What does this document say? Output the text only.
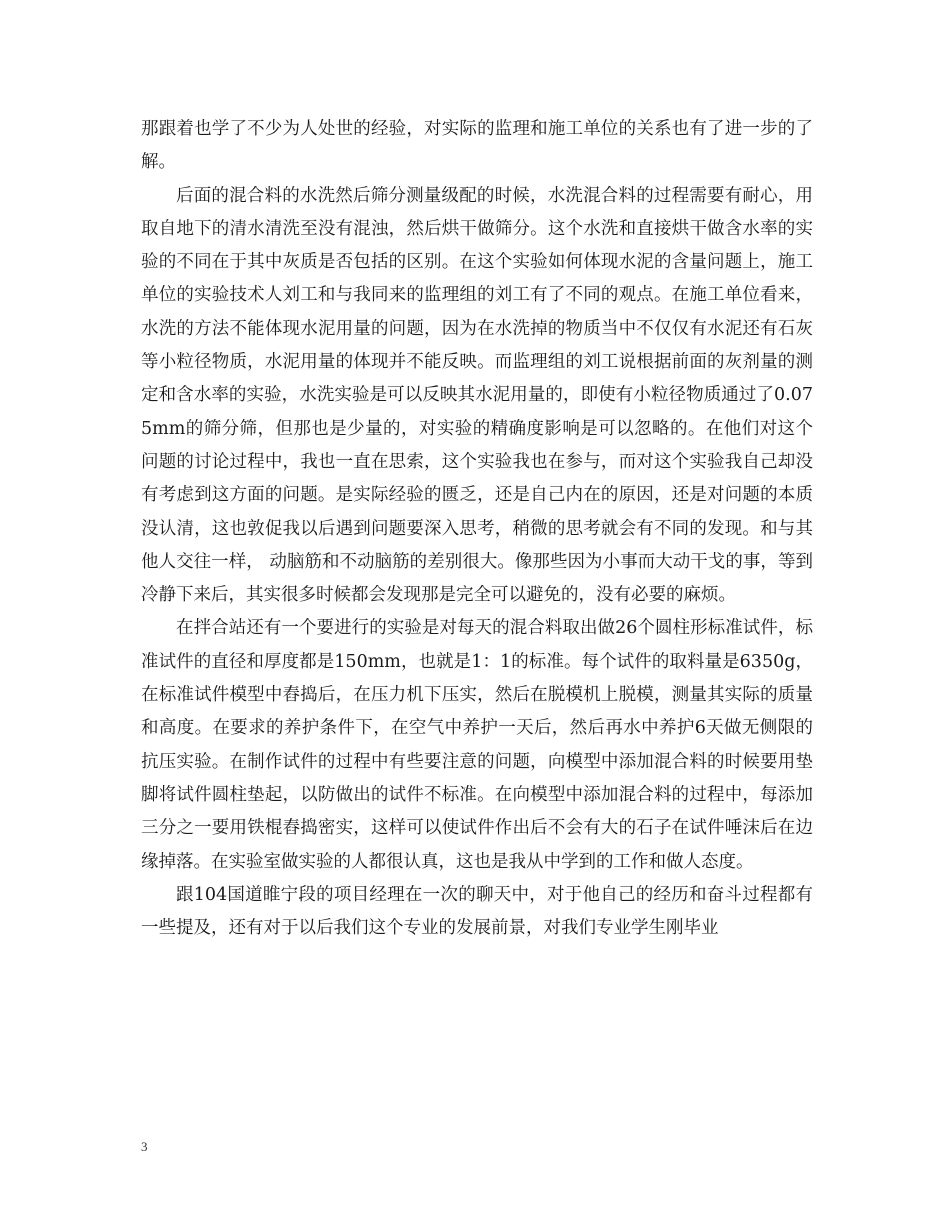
那跟着也学了不少为人处世的经验，对实际的监理和施工单位的关系也有了进一步的了解。

后面的混合料的水洗然后筛分测量级配的时候，水洗混合料的过程需要有耐心，用取自地下的清水清洗至没有混浊，然后烘干做筛分。这个水洗和直接烘干做含水率的实验的不同在于其中灰质是否包括的区别。在这个实验如何体现水泥的含量问题上，施工单位的实验技术人刘工和与我同来的监理组的刘工有了不同的观点。在施工单位看来，水洗的方法不能体现水泥用量的问题，因为在水洗掉的物质当中不仅仅有水泥还有石灰等小粒径物质，水泥用量的体现并不能反映。而监理组的刘工说根据前面的灰剂量的测定和含水率的实验，水洗实验是可以反映其水泥用量的，即使有小粒径物质通过了0.075mm的筛分筛，但那也是少量的，对实验的精确度影响是可以忽略的。在他们对这个问题的讨论过程中，我也一直在思索，这个实验我也在参与，而对这个实验我自己却没有考虑到这方面的问题。是实际经验的匮乏，还是自己内在的原因，还是对问题的本质没认清，这也敦促我以后遇到问题要深入思考，稍微的思考就会有不同的发现。和与其他人交往一样， 动脑筋和不动脑筋的差别很大。像那些因为小事而大动干戈的事，等到冷静下来后，其实很多时候都会发现那是完全可以避免的，没有必要的麻烦。

在拌合站还有一个要进行的实验是对每天的混合料取出做26个圆柱形标准试件，标准试件的直径和厚度都是150mm，也就是1：1的标准。每个试件的取料量是6350g，在标准试件模型中舂捣后，在压力机下压实，然后在脱模机上脱模，测量其实际的质量和高度。在要求的养护条件下，在空气中养护一天后，然后再水中养护6天做无侧限的抗压实验。在制作试件的过程中有些要注意的问题，向模型中添加混合料的时候要用垫脚将试件圆柱垫起，以防做出的试件不标准。在向模型中添加混合料的过程中，每添加三分之一要用铁棍舂捣密实，这样可以使试件作出后不会有大的石子在试件唾沫后在边缘掉落。在实验室做实验的人都很认真，这也是我从中学到的工作和做人态度。

跟104国道睢宁段的项目经理在一次的聊天中，对于他自己的经历和奋斗过程都有一些提及，还有对于以后我们这个专业的发展前景，对我们专业学生刚毕业

3
